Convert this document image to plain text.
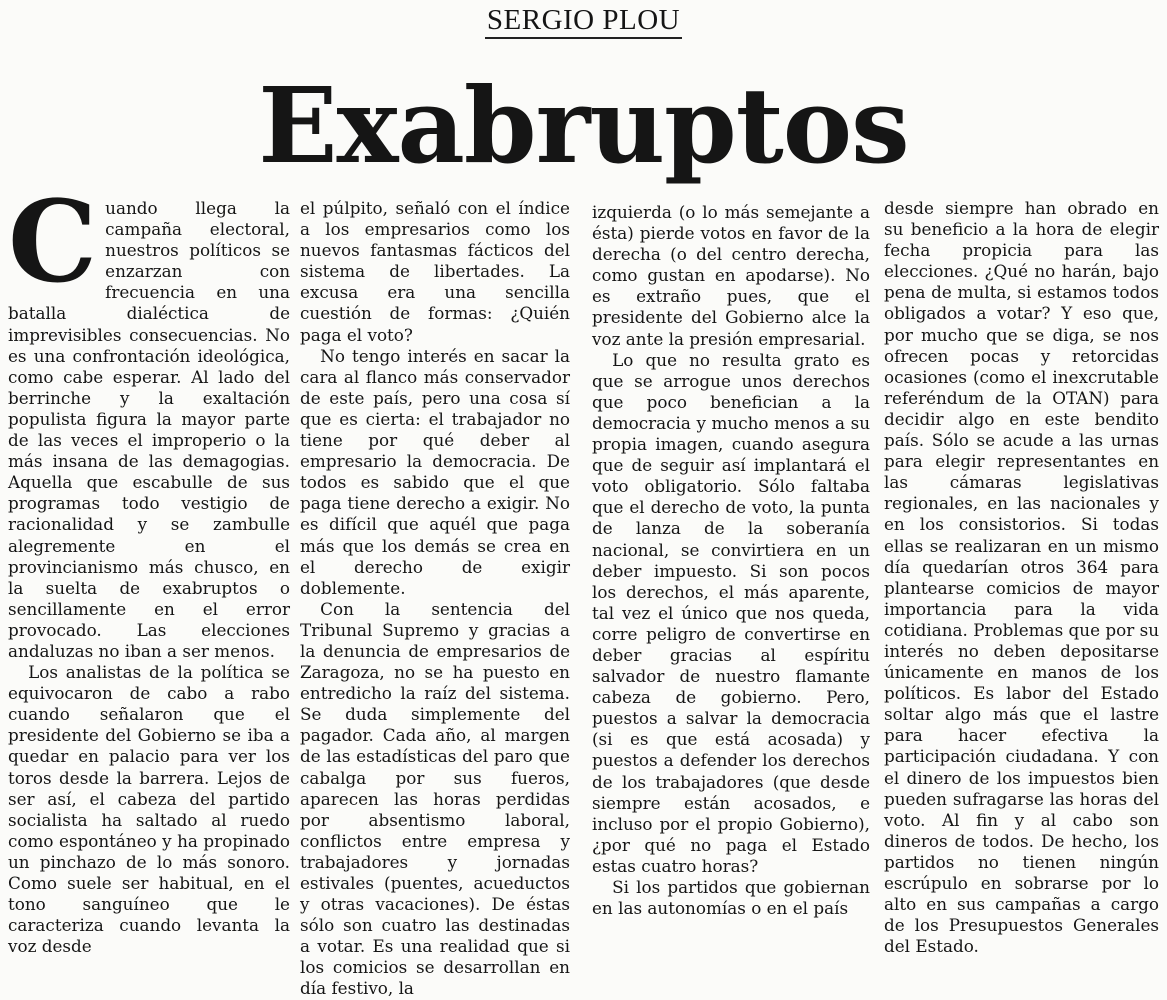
SERGIO PLOU
Exabruptos

Cuando llega la campaña electoral, nuestros políticos se enzarzan con frecuencia en una batalla dialéctica de imprevisibles consecuencias. No es una confrontación ideológica, como cabe esperar. Al lado del berrinche y la exaltación populista figura la mayor parte de las veces el improperio o la más insana de las demagogias. Aquella que escabulle de sus programas todo vestigio de racionalidad y se zambulle alegremente en el provincianismo más chusco, en la suelta de exabruptos o sencillamente en el error provocado. Las elecciones andaluzas no iban a ser menos.

Los analistas de la política se equivocaron de cabo a rabo cuando señalaron que el presidente del Gobierno se iba a quedar en palacio para ver los toros desde la barrera. Lejos de ser así, el cabeza del partido socialista ha saltado al ruedo como espontáneo y ha propinado un pinchazo de lo más sonoro. Como suele ser habitual, en el tono sanguíneo que le caracteriza cuando levanta la voz desde

el púlpito, señaló con el índice a los empresarios como los nuevos fantasmas fácticos del sistema de libertades. La excusa era una sencilla cuestión de formas: ¿Quién paga el voto?

No tengo interés en sacar la cara al flanco más conservador de este país, pero una cosa sí que es cierta: el trabajador no tiene por qué deber al empresario la democracia. De todos es sabido que el que paga tiene derecho a exigir. No es difícil que aquél que paga más que los demás se crea en el derecho de exigir doblemente.

Con la sentencia del Tribunal Supremo y gracias a la denuncia de empresarios de Zaragoza, no se ha puesto en entredicho la raíz del sistema. Se duda simplemente del pagador. Cada año, al margen de las estadísticas del paro que cabalga por sus fueros, aparecen las horas perdidas por absentismo laboral, conflictos entre empresa y trabajadores y jornadas estivales (puentes, acueductos y otras vacaciones). De éstas sólo son cuatro las destinadas a votar. Es una realidad que si los comicios se desarrollan en día festivo, la

izquierda (o lo más semejante a ésta) pierde votos en favor de la derecha (o del centro derecha, como gustan en apodarse). No es extraño pues, que el presidente del Gobierno alce la voz ante la presión empresarial.

Lo que no resulta grato es que se arrogue unos derechos que poco benefician a la democracia y mucho menos a su propia imagen, cuando asegura que de seguir así implantará el voto obligatorio. Sólo faltaba que el derecho de voto, la punta de lanza de la soberanía nacional, se convirtiera en un deber impuesto. Si son pocos los derechos, el más aparente, tal vez el único que nos queda, corre peligro de convertirse en deber gracias al espíritu salvador de nuestro flamante cabeza de gobierno. Pero, puestos a salvar la democracia (si es que está acosada) y puestos a defender los derechos de los trabajadores (que desde siempre están acosados, e incluso por el propio Gobierno), ¿por qué no paga el Estado estas cuatro horas?

Si los partidos que gobiernan en las autonomías o en el país

desde siempre han obrado en su beneficio a la hora de elegir fecha propicia para las elecciones. ¿Qué no harán, bajo pena de multa, si estamos todos obligados a votar? Y eso que, por mucho que se diga, se nos ofrecen pocas y retorcidas ocasiones (como el inexcrutable referéndum de la OTAN) para decidir algo en este bendito país. Sólo se acude a las urnas para elegir representantes en las cámaras legislativas regionales, en las nacionales y en los consistorios. Si todas ellas se realizaran en un mismo día quedarían otros 364 para plantearse comicios de mayor importancia para la vida cotidiana. Problemas que por su interés no deben depositarse únicamente en manos de los políticos. Es labor del Estado soltar algo más que el lastre para hacer efectiva la participación ciudadana. Y con el dinero de los impuestos bien pueden sufragarse las horas del voto. Al fin y al cabo son dineros de todos. De hecho, los partidos no tienen ningún escrúpulo en sobrarse por lo alto en sus campañas a cargo de los Presupuestos Generales del Estado.
